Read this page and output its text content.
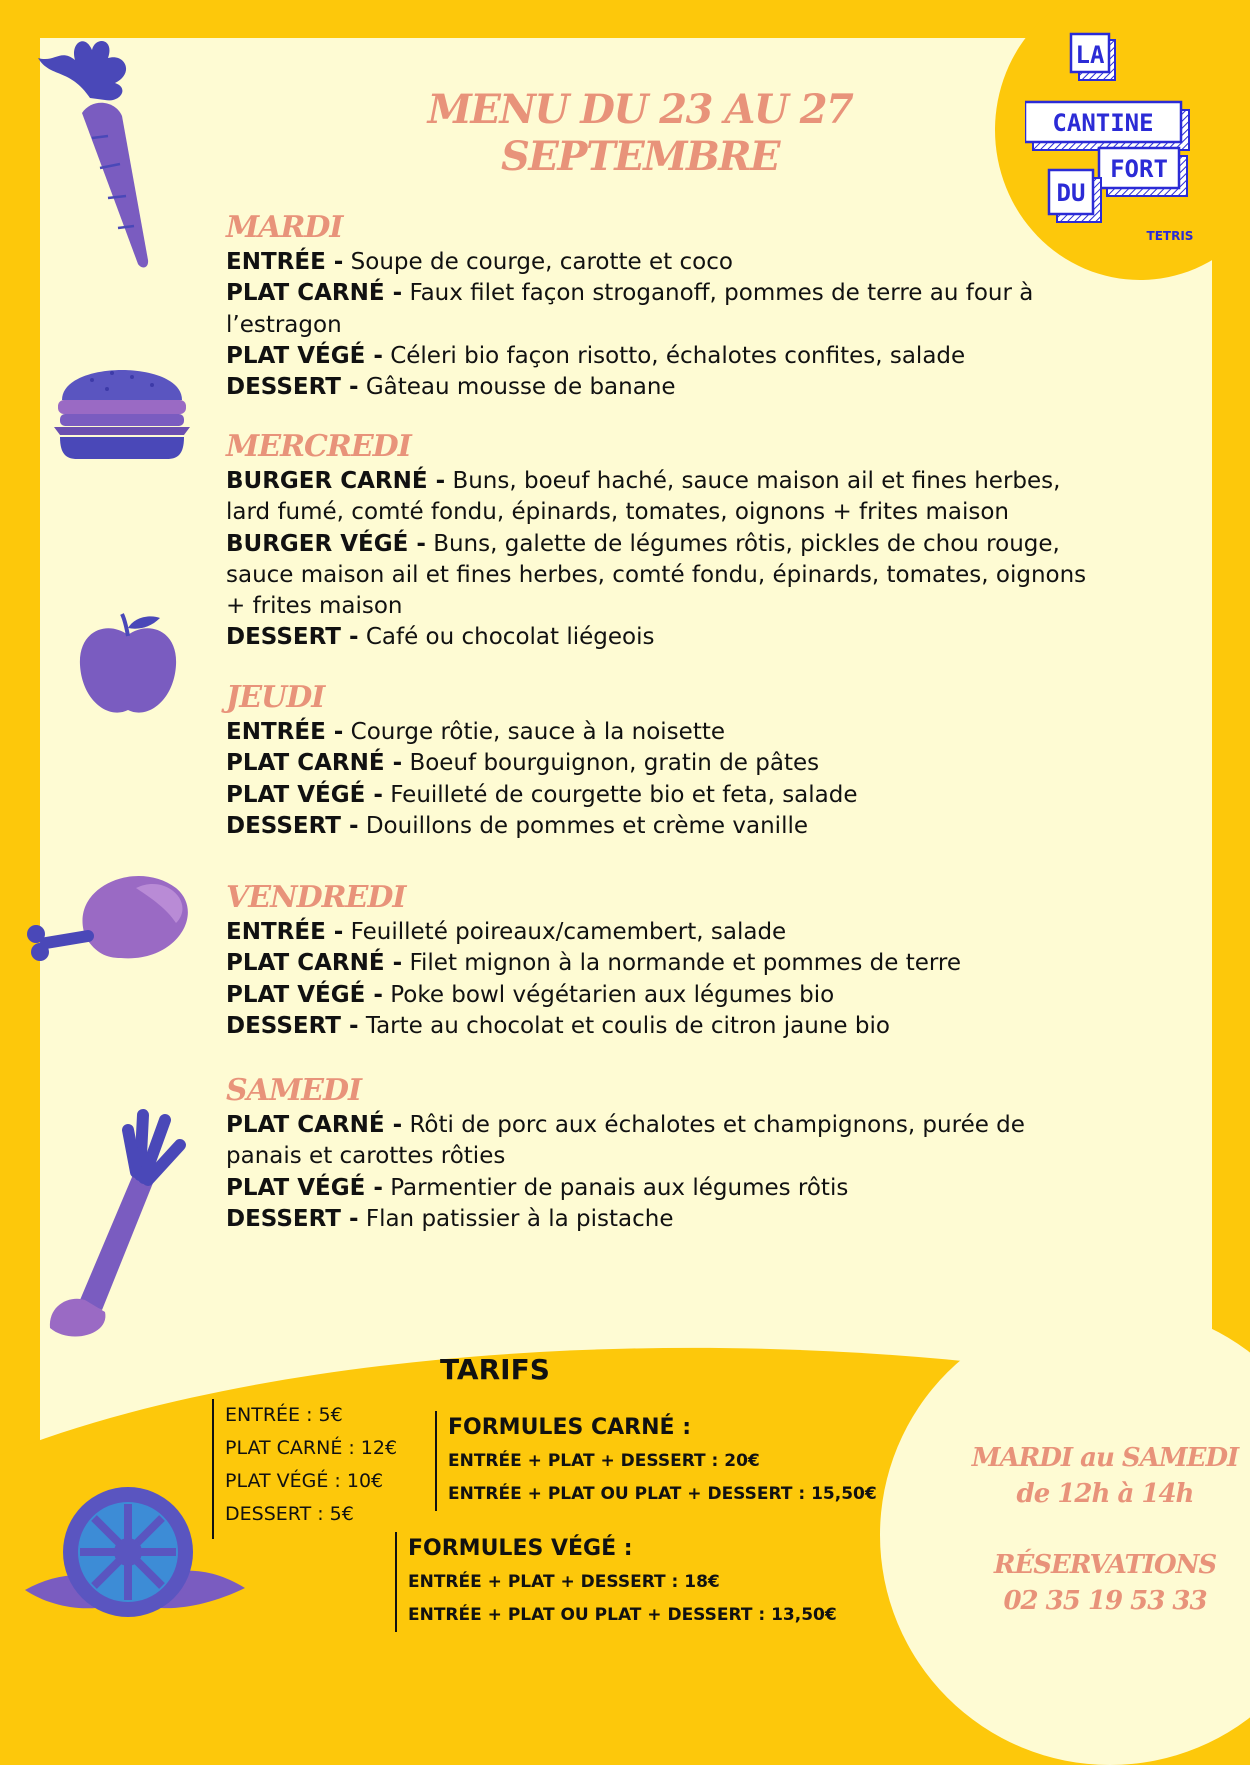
LA
CANTINE
FORT
DU
TETRIS
MENU DU 23 AU 27 SEPTEMBRE
MARDI
ENTRÉE - Soupe de courge, carotte et coco
PLAT CARNÉ - Faux filet façon stroganoff, pommes de terre au four à l’estragon
PLAT VÉGÉ - Céleri bio façon risotto, échalotes confites, salade
DESSERT - Gâteau mousse de banane
MERCREDI
BURGER CARNÉ - Buns, boeuf haché, sauce maison ail et fines herbes, lard fumé, comté fondu, épinards, tomates, oignons + frites maison
BURGER VÉGÉ - Buns, galette de légumes rôtis, pickles de chou rouge, sauce maison ail et fines herbes, comté fondu, épinards, tomates, oignons + frites maison
DESSERT - Café ou chocolat liégeois
JEUDI
ENTRÉE - Courge rôtie, sauce à la noisette
PLAT CARNÉ - Boeuf bourguignon, gratin de pâtes
PLAT VÉGÉ - Feuilleté de courgette bio et feta, salade
DESSERT - Douillons de pommes et crème vanille
VENDREDI
ENTRÉE - Feuilleté poireaux/camembert, salade
PLAT CARNÉ - Filet mignon à la normande et pommes de terre
PLAT VÉGÉ - Poke bowl végétarien aux légumes bio
DESSERT - Tarte au chocolat et coulis de citron jaune bio
SAMEDI
PLAT CARNÉ - Rôti de porc aux échalotes et champignons, purée de panais et carottes rôties
PLAT VÉGÉ - Parmentier de panais aux légumes rôtis
DESSERT - Flan patissier à la pistache
TARIFS
ENTRÉE : 5€
PLAT CARNÉ : 12€
PLAT VÉGÉ : 10€
DESSERT : 5€
FORMULES CARNÉ :
ENTRÉE + PLAT + DESSERT : 20€
ENTRÉE + PLAT OU PLAT + DESSERT : 15,50€
FORMULES VÉGÉ :
ENTRÉE + PLAT + DESSERT : 18€
ENTRÉE + PLAT OU PLAT + DESSERT : 13,50€
MARDI au SAMEDI
de 12h à 14h
RÉSERVATIONS
02 35 19 53 33
